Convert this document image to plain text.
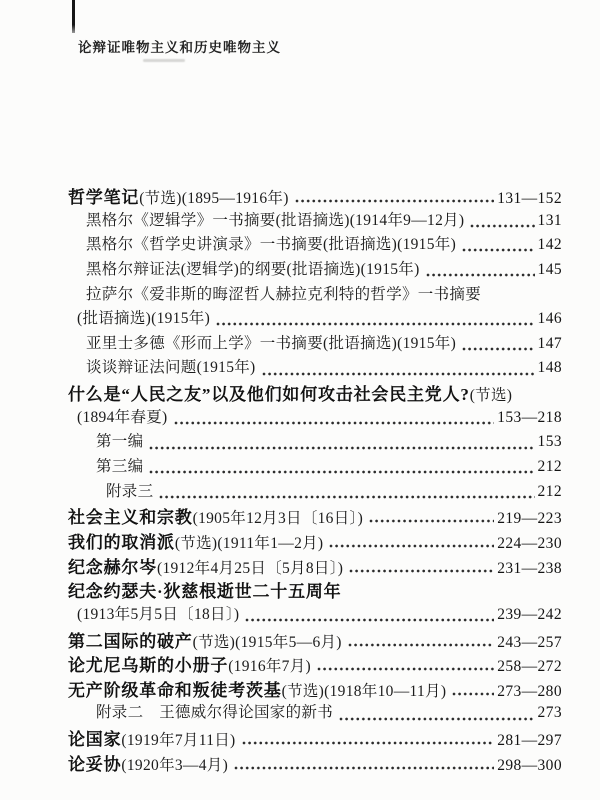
论辩证唯物主义和历史唯物主义
哲学笔记(节选)(1895—1916年)	131—152
黑格尔《逻辑学》一书摘要(批语摘选)(1914年9—12月)	131
黑格尔《哲学史讲演录》一书摘要(批语摘选)(1915年)	142
黑格尔辩证法(逻辑学)的纲要(批语摘选)(1915年)	145
拉萨尔《爱非斯的晦涩哲人赫拉克利特的哲学》一书摘要
(批语摘选)(1915年)	146
亚里士多德《形而上学》一书摘要(批语摘选)(1915年)	147
谈谈辩证法问题(1915年)	148
什么是“人民之友”以及他们如何攻击社会民主党人?(节选)
(1894年春夏)	153—218
第一编	153
第三编	212
附录三	212
社会主义和宗教(1905年12月3日〔16日〕)	219—223
我们的取消派(节选)(1911年1—2月)	224—230
纪念赫尔岑(1912年4月25日〔5月8日〕)	231—238
纪念约瑟夫·狄慈根逝世二十五周年
(1913年5月5日〔18日〕)	239—242
第二国际的破产(节选)(1915年5—6月)	243—257
论尤尼乌斯的小册子(1916年7月)	258—272
无产阶级革命和叛徒考茨基(节选)(1918年10—11月)	273—280
附录二　王德威尔得论国家的新书	273
论国家(1919年7月11日)	281—297
论妥协(1920年3—4月)	298—300
